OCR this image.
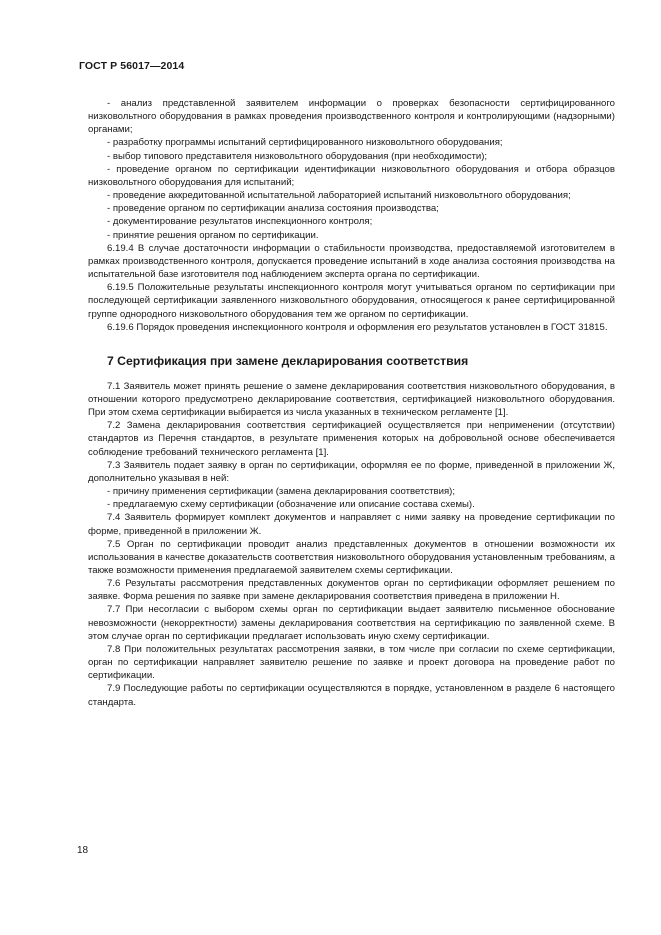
ГОСТ Р 56017—2014

- анализ представленной заявителем информации о проверках безопасности сертифицированного низковольтного оборудования в рамках проведения производственного контроля и контролирующими (надзорными) органами;

- разработку программы испытаний сертифицированного низковольтного оборудования;

- выбор типового представителя низковольтного оборудования (при необходимости);

- проведение органом по сертификации идентификации низковольтного оборудования и отбора образцов низковольтного оборудования для испытаний;

- проведение аккредитованной испытательной лабораторией испытаний низковольтного оборудования;

- проведение органом по сертификации анализа состояния производства;

- документирование результатов инспекционного контроля;

- принятие решения органом по сертификации.

6.19.4 В случае достаточности информации о стабильности производства, предоставляемой изготовителем в рамках производственного контроля, допускается проведение испытаний в ходе анализа состояния производства на испытательной базе изготовителя под наблюдением эксперта органа по сертификации.

6.19.5 Положительные результаты инспекционного контроля могут учитываться органом по сертификации при последующей сертификации заявленного низковольтного оборудования, относящегося к ранее сертифицированной группе однородного низковольтного оборудования тем же органом по сертификации.

6.19.6 Порядок проведения инспекционного контроля и оформления его результатов установлен в ГОСТ 31815.

7 Сертификация при замене декларирования соответствия

7.1 Заявитель может принять решение о замене декларирования соответствия низковольтного оборудования, в отношении которого предусмотрено декларирование соответствия, сертификацией низковольтного оборудования. При этом схема сертификации выбирается из числа указанных в техническом регламенте [1].

7.2 Замена декларирования соответствия сертификацией осуществляется при неприменении (отсутствии) стандартов из Перечня стандартов, в результате применения которых на добровольной основе обеспечивается соблюдение требований технического регламента [1].

7.3 Заявитель подает заявку в орган по сертификации, оформляя ее по форме, приведенной в приложении Ж, дополнительно указывая в ней:

- причину применения сертификации (замена декларирования соответствия);

- предлагаемую схему сертификации (обозначение или описание состава схемы).

7.4 Заявитель формирует комплект документов и направляет с ними заявку на проведение сертификации по форме, приведенной в приложении Ж.

7.5 Орган по сертификации проводит анализ представленных документов в отношении возможности их использования в качестве доказательств соответствия низковольтного оборудования установленным требованиям, а также возможности применения предлагаемой заявителем схемы сертификации.

7.6 Результаты рассмотрения представленных документов орган по сертификации оформляет решением по заявке. Форма решения по заявке при замене декларирования соответствия приведена в приложении Н.

7.7 При несогласии с выбором схемы орган по сертификации выдает заявителю письменное обоснование невозможности (некорректности) замены декларирования соответствия на сертификацию по заявленной схеме. В этом случае орган по сертификации предлагает использовать иную схему сертификации.

7.8 При положительных результатах рассмотрения заявки, в том числе при согласии по схеме сертификации, орган по сертификации направляет заявителю решение по заявке и проект договора на проведение работ по сертификации.

7.9 Последующие работы по сертификации осуществляются в порядке, установленном в разделе 6 настоящего стандарта.

18
